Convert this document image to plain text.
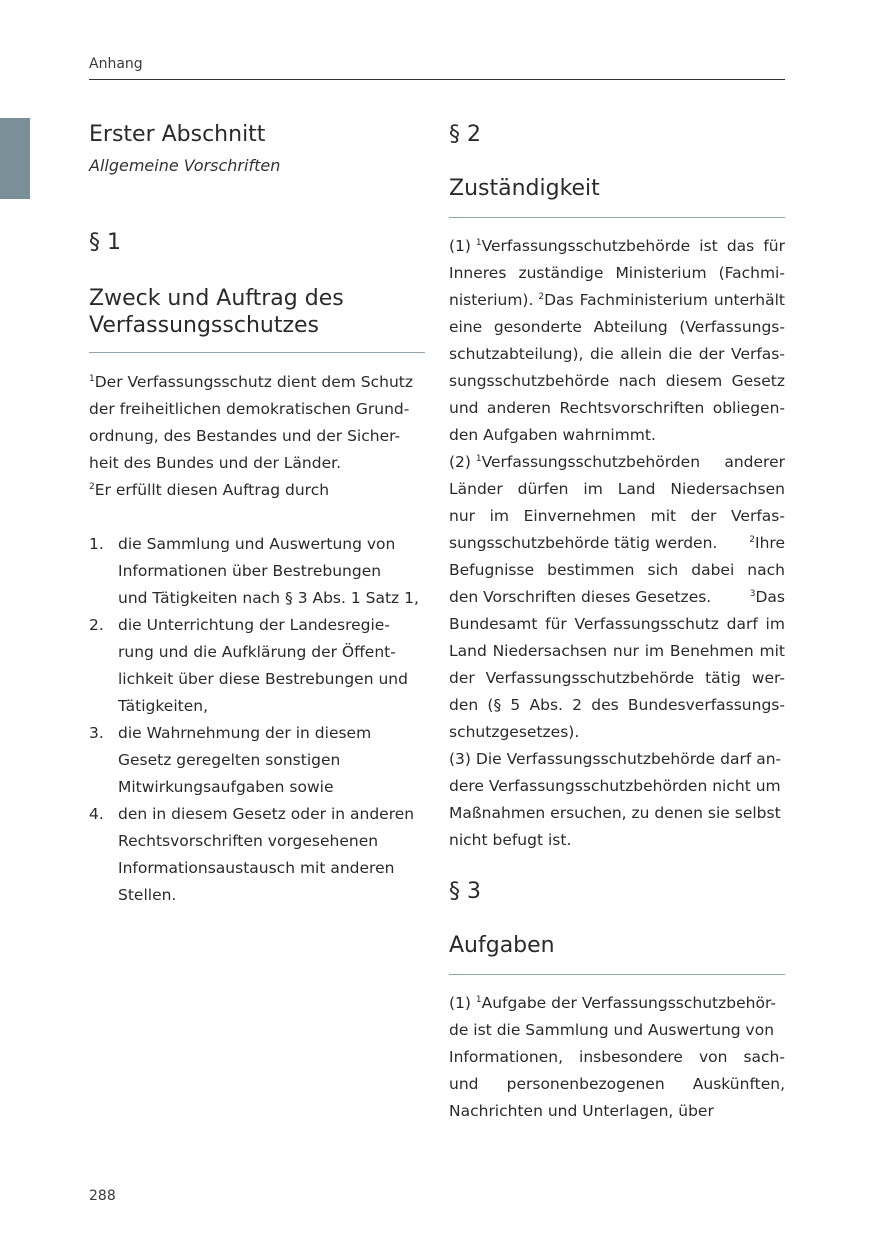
Anhang
Erster Abschnitt
Allgemeine Vorschriften
§ 1
Zweck und Auftrag des
Verfassungsschutzes
$^1$Der Verfassungsschutz dient dem Schutz
der freiheitlichen demokratischen Grund-
ordnung, des Bestandes und der Sicher-
heit des Bundes und der Länder.
$^2$Er erfüllt diesen Auftrag durch
1. die Sammlung und Auswertung von
Informationen über Bestrebungen
und Tätigkeiten nach § 3 Abs. 1 Satz 1,
2. die Unterrichtung der Landesregie-
rung und die Aufklärung der Öffent-
lichkeit über diese Bestrebungen und
Tätigkeiten,
3. die Wahrnehmung der in diesem
Gesetz geregelten sonstigen
Mitwirkungsaufgaben sowie
4. den in diesem Gesetz oder in anderen
Rechtsvorschriften vorgesehenen
Informationsaustausch mit anderen
Stellen.
§ 2
Zuständigkeit
(1) $^1$Verfassungsschutzbehörde ist das für
Inneres zuständige Ministerium (Fachmi-
nisterium). $^2$Das Fachministerium unterhält
eine gesonderte Abteilung (Verfassungs-
schutzabteilung), die allein die der Verfas-
sungsschutzbehörde nach diesem Gesetz
und anderen Rechtsvorschriften obliegen-
den Aufgaben wahrnimmt.
(2) $^1$Verfassungsschutzbehörden anderer
Länder dürfen im Land Niedersachsen
nur im Einvernehmen mit der Verfas-
sungsschutzbehörde tätig werden.	$^2$Ihre
Befugnisse bestimmen sich dabei nach
den Vorschriften dieses Gesetzes.	$^3$Das
Bundesamt für Verfassungsschutz darf im
Land Niedersachsen nur im Benehmen mit
der Verfassungsschutzbehörde tätig wer-
den (§ 5 Abs. 2 des Bundesverfassungs-
schutzgesetzes).
(3) Die Verfassungsschutzbehörde darf an-
dere Verfassungsschutzbehörden nicht um
Maßnahmen ersuchen, zu denen sie selbst
nicht befugt ist.
§ 3
Aufgaben
(1) $^1$Aufgabe der Verfassungsschutzbehör-
de ist die Sammlung und Auswertung von
Informationen, insbesondere von sach-
und personenbezogenen Auskünften,
Nachrichten und Unterlagen, über
288
